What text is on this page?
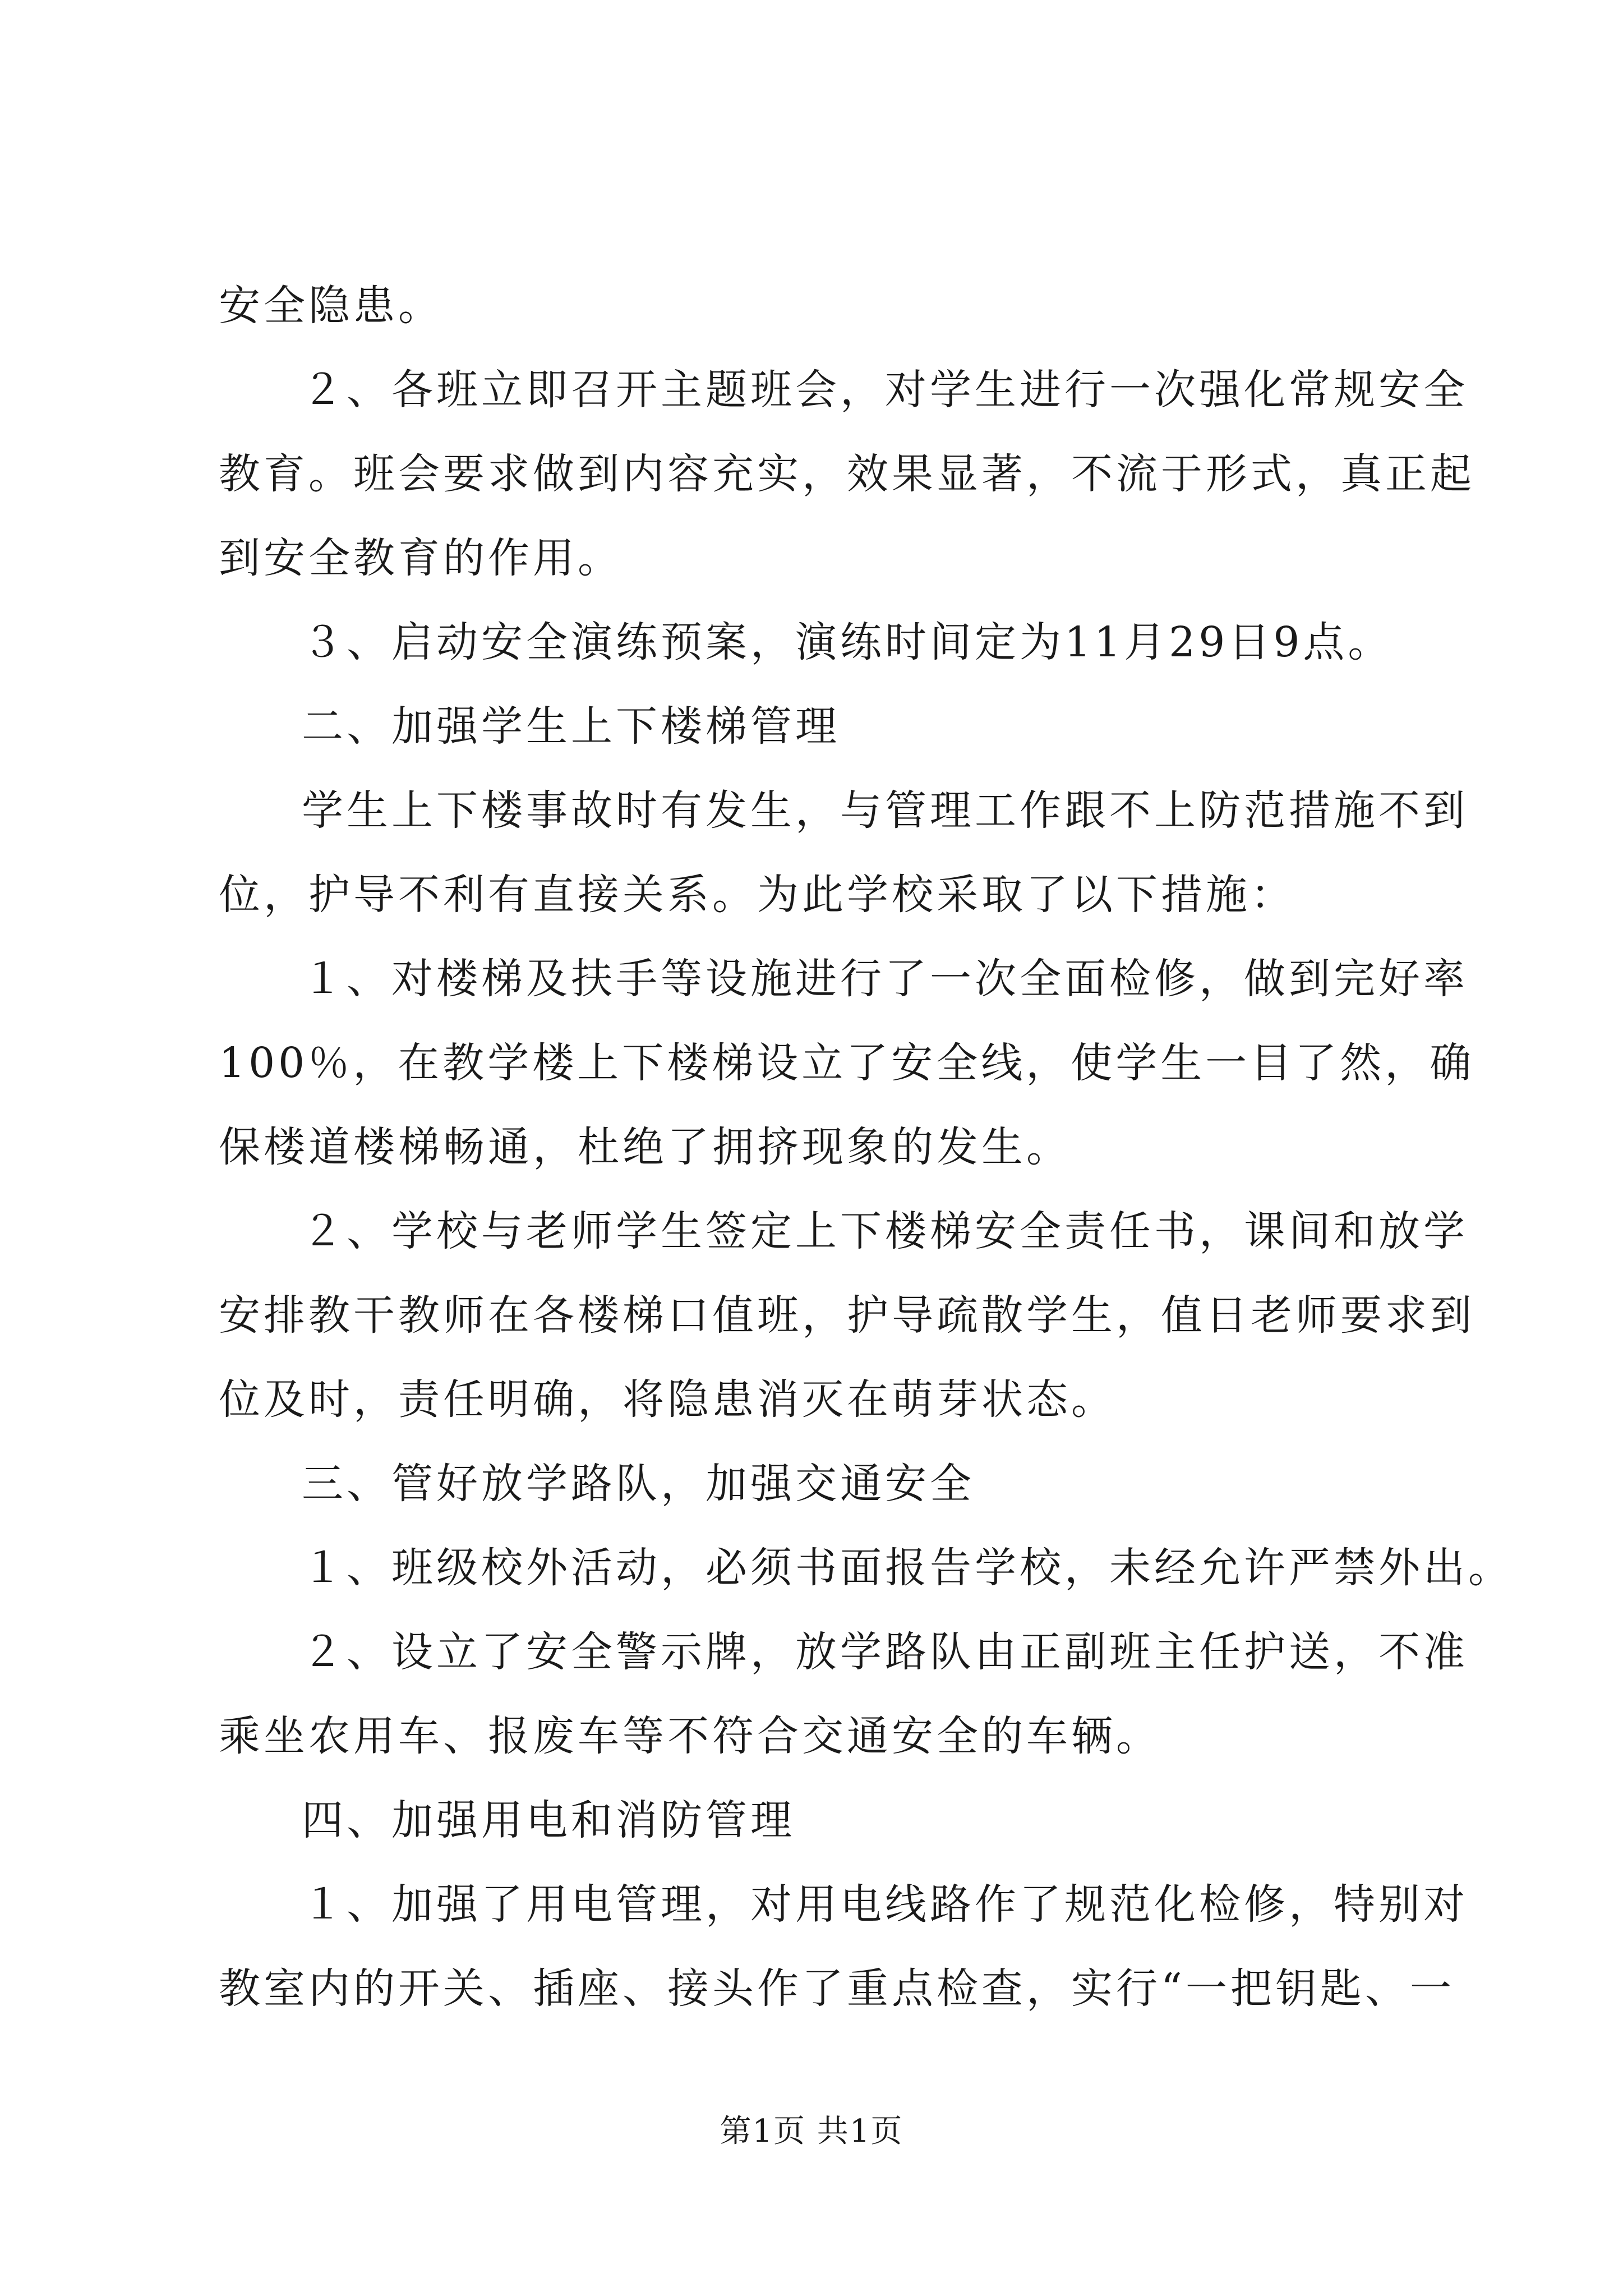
安全隐患。
２、各班立即召开主题班会，对学生进行一次强化常规安全
教育。班会要求做到内容充实，效果显著，不流于形式，真正起
到安全教育的作用。
３、启动安全演练预案，演练时间定为11月29日9点。
二、加强学生上下楼梯管理
学生上下楼事故时有发生，与管理工作跟不上防范措施不到
位，护导不利有直接关系。为此学校采取了以下措施：
１、对楼梯及扶手等设施进行了一次全面检修，做到完好率
100％，在教学楼上下楼梯设立了安全线，使学生一目了然，确
保楼道楼梯畅通，杜绝了拥挤现象的发生。
２、学校与老师学生签定上下楼梯安全责任书，课间和放学
安排教干教师在各楼梯口值班，护导疏散学生，值日老师要求到
位及时，责任明确，将隐患消灭在萌芽状态。
三、管好放学路队，加强交通安全
１、班级校外活动，必须书面报告学校，未经允许严禁外出。
２、设立了安全警示牌，放学路队由正副班主任护送，不准
乘坐农用车、报废车等不符合交通安全的车辆。
四、加强用电和消防管理
１、加强了用电管理，对用电线路作了规范化检修，特别对
教室内的开关、插座、接头作了重点检查，实行“一把钥匙、一
第1页 共1页
